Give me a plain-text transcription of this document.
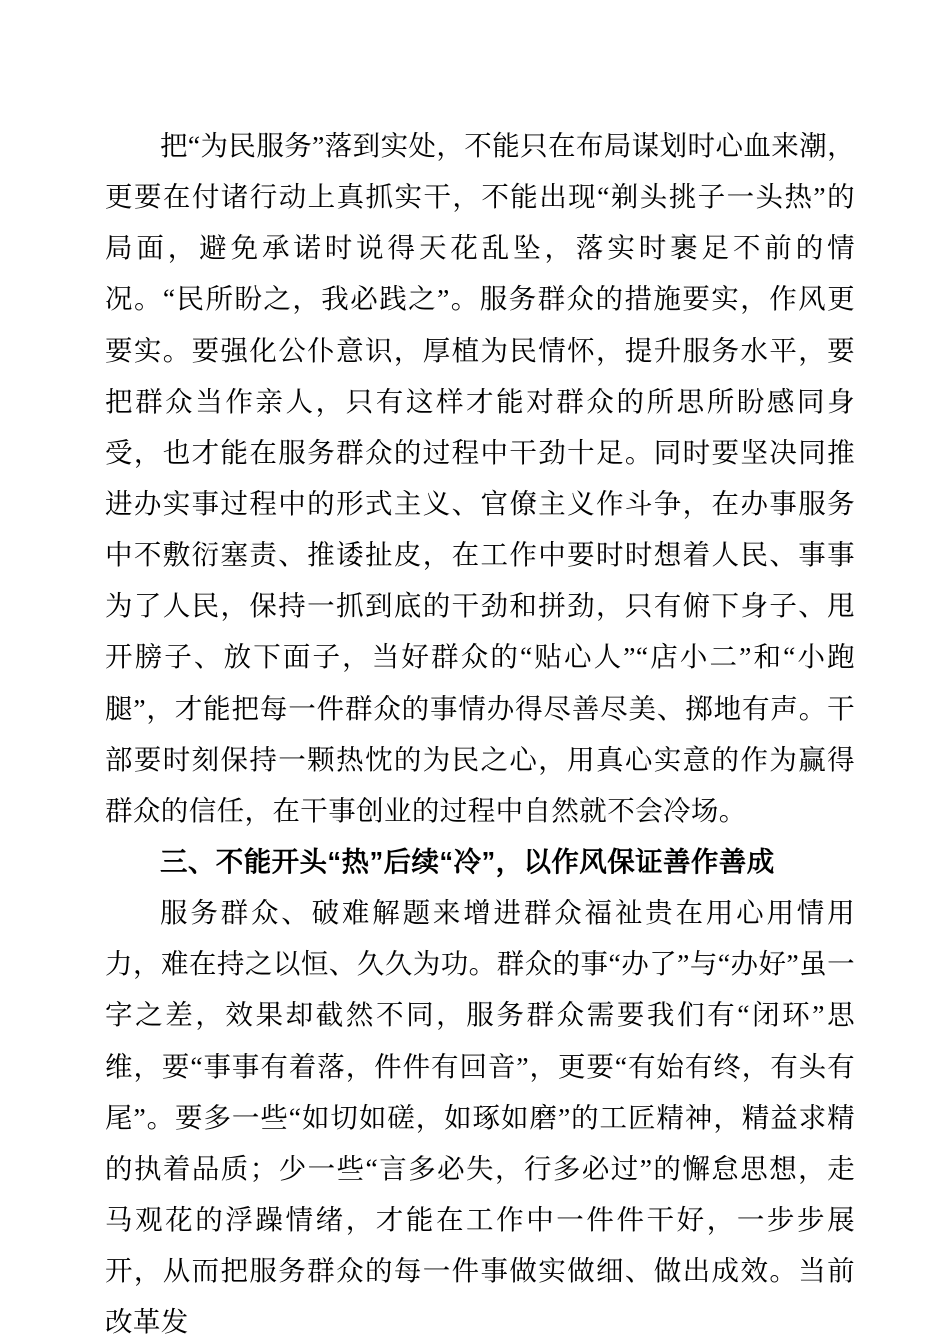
把“为民服务”落到实处，不能只在布局谋划时心血来潮，更要在付诸行动上真抓实干，不能出现“剃头挑子一头热”的局面，避免承诺时说得天花乱坠，落实时裹足不前的情况。“民所盼之，我必践之”。服务群众的措施要实，作风更要实。要强化公仆意识，厚植为民情怀，提升服务水平，要把群众当作亲人，只有这样才能对群众的所思所盼感同身受，也才能在服务群众的过程中干劲十足。同时要坚决同推进办实事过程中的形式主义、官僚主义作斗争，在办事服务中不敷衍塞责、推诿扯皮，在工作中要时时想着人民、事事为了人民，保持一抓到底的干劲和拼劲，只有俯下身子、甩开膀子、放下面子，当好群众的“贴心人”“店小二”和“小跑腿”，才能把每一件群众的事情办得尽善尽美、掷地有声。干部要时刻保持一颗热忱的为民之心，用真心实意的作为赢得群众的信任，在干事创业的过程中自然就不会冷场。

三、不能开头“热”后续“冷”，以作风保证善作善成

服务群众、破难解题来增进群众福祉贵在用心用情用力，难在持之以恒、久久为功。群众的事“办了”与“办好”虽一字之差，效果却截然不同，服务群众需要我们有“闭环”思维，要“事事有着落，件件有回音”，更要“有始有终，有头有尾”。要多一些“如切如磋，如琢如磨”的工匠精神，精益求精的执着品质；少一些“言多必失，行多必过”的懈怠思想，走马观花的浮躁情绪，才能在工作中一件件干好，一步步展开，从而把服务群众的每一件事做实做细、做出成效。当前改革发
